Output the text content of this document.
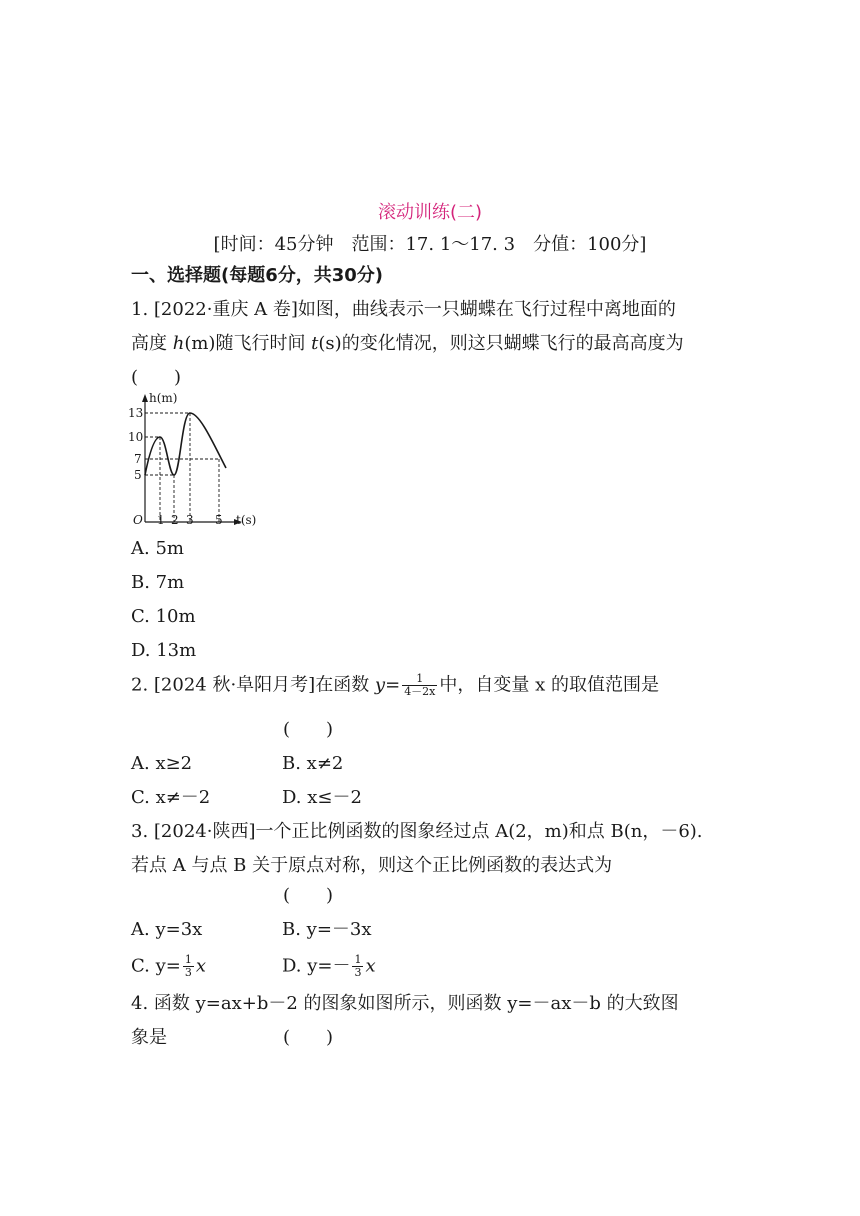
滚动训练(二)
[时间：45分钟　范围：17. 1～17. 3　分值：100分]
一、选择题(每题6分，共30分)
1. [2022·重庆 A 卷]如图，曲线表示一只蝴蝶在飞行过程中离地面的
高度 h(m)随飞行时间 t(s)的变化情况，则这只蝴蝶飞行的最高高度为
(　　)
h(m)
13
10
7
5
O 1 2 3 5 t(s)
A. 5m
B. 7m
C. 10m
D. 13m
2. [2024 秋·阜阳月考]在函数 $y= \frac{1}{4-2x}$ 中，自变量 x 的取值范围是
(　　)
A. x≥2	B. x≠2
C. x≠－2	D. x≤－2
3. [2024·陕西]一个正比例函数的图象经过点 A(2，m)和点 B(n，－6).
若点 A 与点 B 关于原点对称，则这个正比例函数的表达式为
(　　)
A. y=3x	B. y=－3x
C. $y= \frac{1}{3}$ x	D. $y=- \frac{1}{3}$ x
4. 函数 y=ax+b－2 的图象如图所示，则函数 y=－ax－b 的大致图
象是	(　　)
